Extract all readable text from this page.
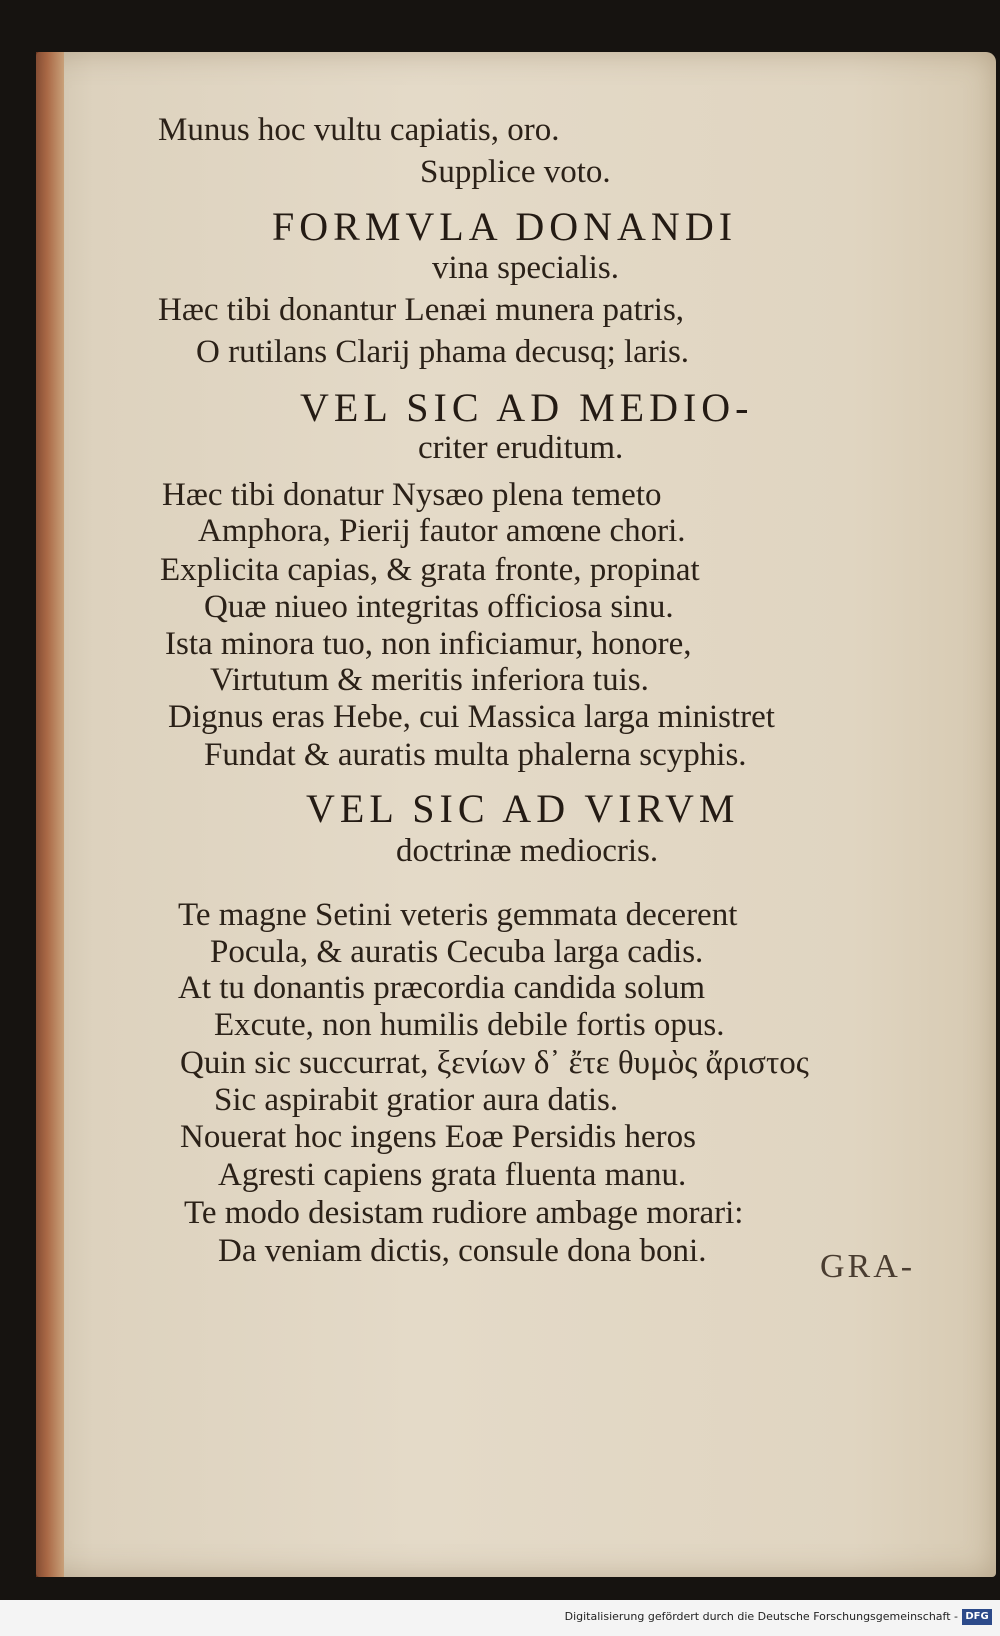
Munus hoc vultu capiatis, oro.
Supplice voto.
FORMVLA DONANDI
vina specialis.
Hæc tibi donantur Lenæi munera patris,
O rutilans Clarij phama decusq; laris.
VEL SIC AD MEDIO-
criter eruditum.
Hæc tibi donatur Nysæo plena temeto
Amphora, Pierij fautor amœne chori.
Explicita capias, & grata fronte, propinat
Quæ niueo integritas officiosa sinu.
Ista minora tuo, non inficiamur, honore,
Virtutum & meritis inferiora tuis.
Dignus eras Hebe, cui Massica larga ministret
Fundat & auratis multa phalerna scyphis.
VEL SIC AD VIRVM
doctrinæ mediocris.
Te magne Setini veteris gemmata decerent
Pocula, & auratis Cecuba larga cadis.
At tu donantis præcordia candida solum
Excute, non humilis debile fortis opus.
Quin sic succurrat, ξενίων δ᾽ ἔτε θυμὸς ἄριστος
Sic aspirabit gratior aura datis.
Nouerat hoc ingens Eoæ Persidis heros
Agresti capiens grata fluenta manu.
Te modo desistam rudiore ambage morari:
Da veniam dictis, consule dona boni.	GRA-
Digitalisierung gefördert durch die Deutsche Forschungsgemeinschaft - DFG
